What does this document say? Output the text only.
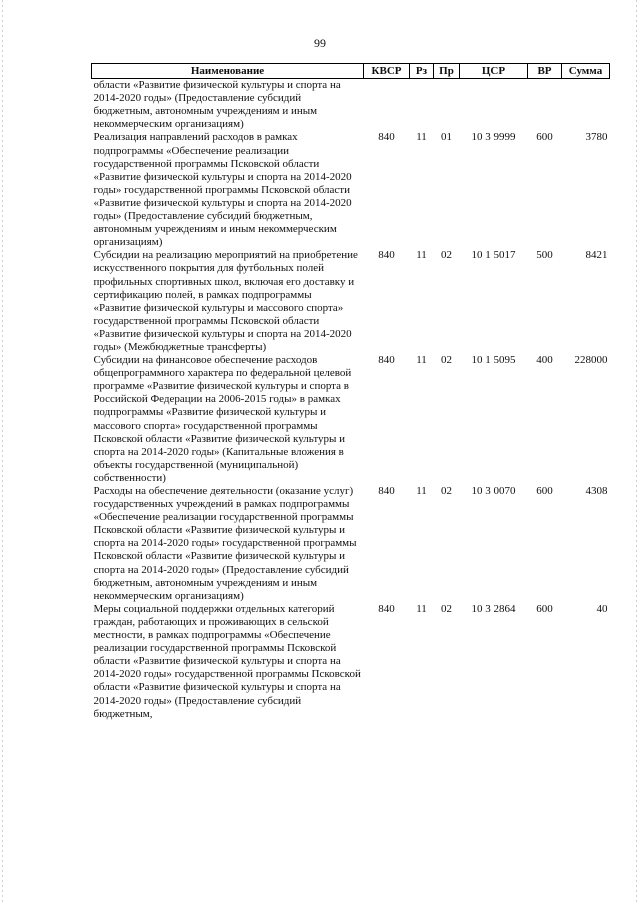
99
Наименование	КВСР	Рз	Пр	ЦСР	ВР	Сумма
области «Развитие физической культуры и спорта на 2014-2020 годы» (Предоставление субсидий бюджетным, автономным учреждениям и иным некоммерческим организациям)						
Реализация направлений расходов в рамках подпрограммы «Обеспечение реализации государственной программы Псковской области «Развитие физической культуры и спорта на 2014-2020 годы» государственной программы Псковской области «Развитие физической культуры и спорта на 2014-2020 годы» (Предоставление субсидий бюджетным, автономным учреждениям и иным некоммерческим организациям)	840	11	01	10 3 9999	600	3780
Субсидии на реализацию мероприятий на приобретение искусственного покрытия для футбольных полей профильных спортивных школ, включая его доставку и сертификацию полей, в рамках подпрограммы «Развитие физической культуры и массового спорта» государственной программы Псковской области «Развитие физической культуры и спорта на 2014-2020 годы» (Межбюджетные трансферты)	840	11	02	10 1 5017	500	8421
Субсидии на финансовое обеспечение расходов общепрограммного характера по федеральной целевой программе «Развитие физической культуры и спорта в Российской Федерации на 2006-2015 годы» в рамках подпрограммы «Развитие физической культуры и массового спорта» государственной программы Псковской области «Развитие физической культуры и спорта на 2014-2020 годы» (Капитальные вложения в объекты государственной (муниципальной) собственности)	840	11	02	10 1 5095	400	228000
Расходы на обеспечение деятельности (оказание услуг) государственных учреждений в рамках подпрограммы «Обеспечение реализации государственной программы Псковской области «Развитие физической культуры и спорта на 2014-2020 годы» государственной программы Псковской области «Развитие физической культуры и спорта на 2014-2020 годы» (Предоставление субсидий бюджетным, автономным учреждениям и иным некоммерческим организациям)	840	11	02	10 3 0070	600	4308
Меры социальной поддержки отдельных категорий граждан, работающих и проживающих в сельской местности, в рамках подпрограммы «Обеспечение реализации государственной программы Псковской области «Развитие физической культуры и спорта на 2014-2020 годы» государственной программы Псковской области «Развитие физической культуры и спорта на 2014-2020 годы» (Предоставление субсидий бюджетным,	840	11	02	10 3 2864	600	40
